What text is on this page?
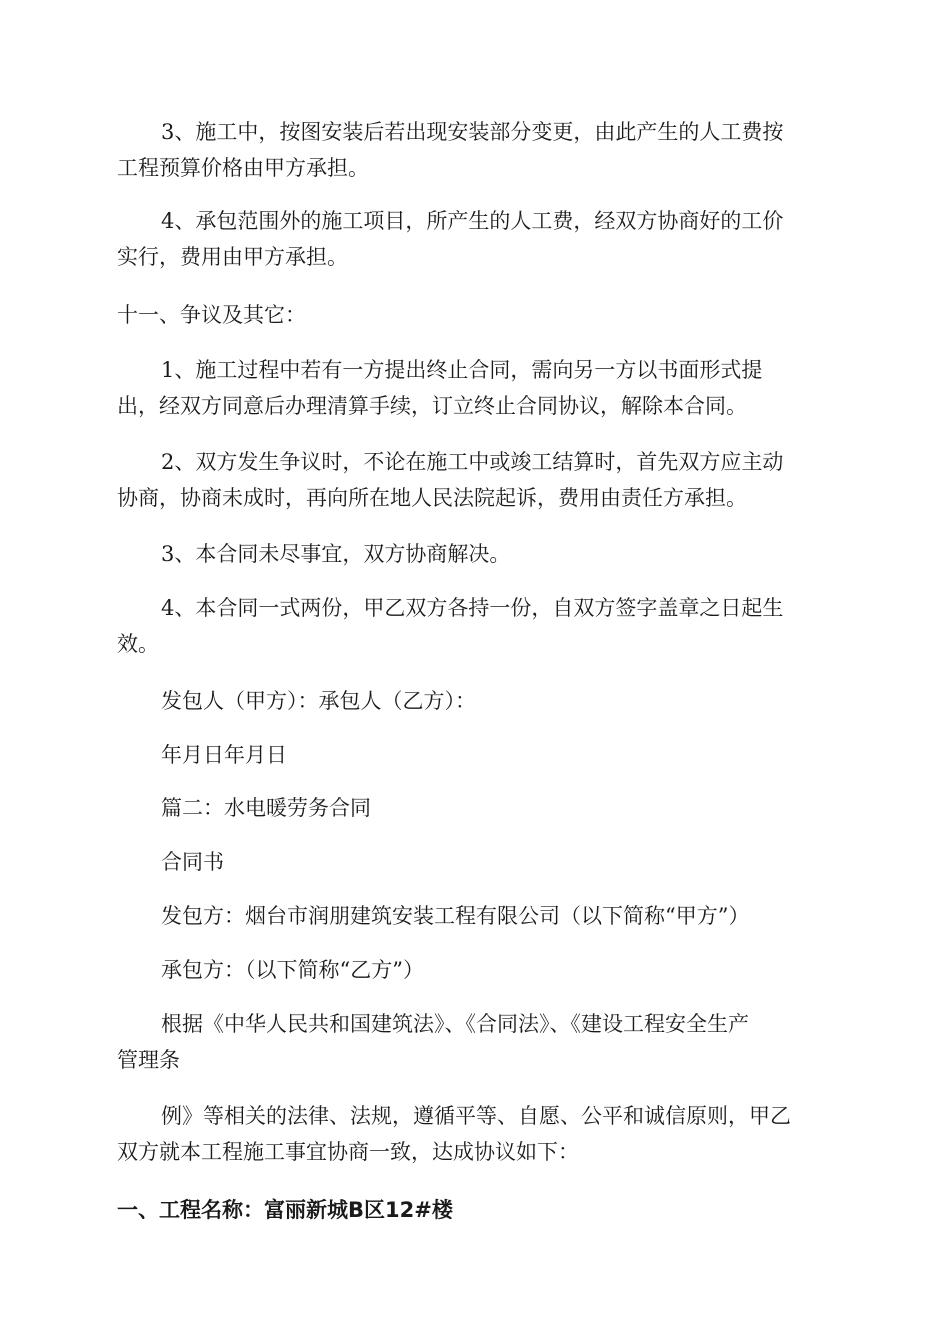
3、施工中，按图安装后若出现安装部分变更，由此产生的人工费按
工程预算价格由甲方承担。
4、承包范围外的施工项目，所产生的人工费，经双方协商好的工价
实行，费用由甲方承担。
十一、争议及其它：
1、施工过程中若有一方提出终止合同，需向另一方以书面形式提
出，经双方同意后办理清算手续，订立终止合同协议，解除本合同。
2、双方发生争议时，不论在施工中或竣工结算时，首先双方应主动
协商，协商未成时，再向所在地人民法院起诉，费用由责任方承担。
3、本合同未尽事宜，双方协商解决。
4、本合同一式两份，甲乙双方各持一份，自双方签字盖章之日起生
效。
发包人（甲方）：承包人（乙方）：
年月日年月日
篇二：水电暖劳务合同
合同书
发包方：烟台市润朋建筑安装工程有限公司（以下简称“甲方”）
承包方：（以下简称“乙方”）
根据《中华人民共和国建筑法》、《合同法》、《建设工程安全生产
管理条
例》等相关的法律、法规，遵循平等、自愿、公平和诚信原则，甲乙
双方就本工程施工事宜协商一致，达成协议如下：
一、工程名称：富丽新城B区12#楼
